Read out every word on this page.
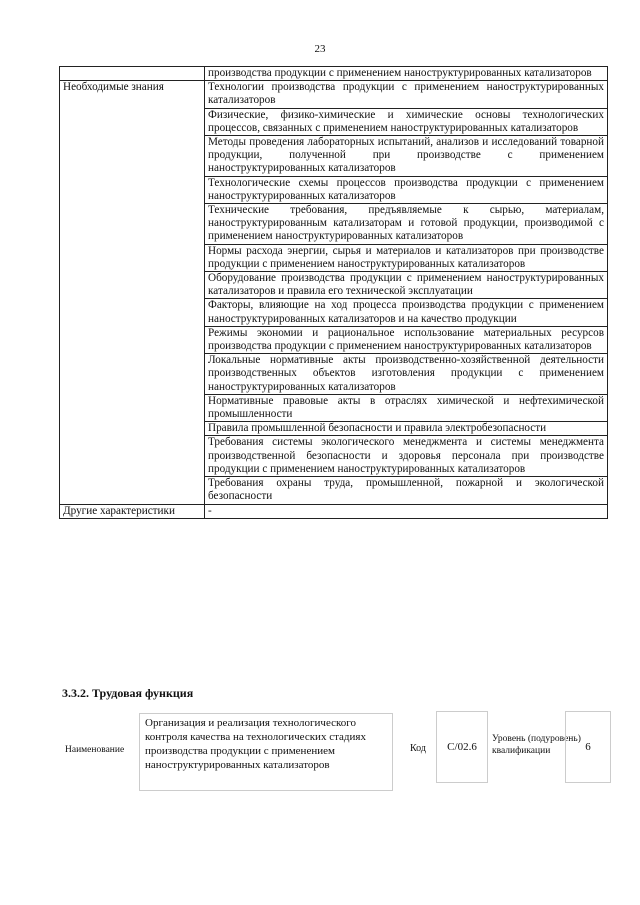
23
	производства продукции с применением наноструктурированных катализаторов
Необходимые знания	Технологии производства продукции с применением наноструктурированных катализаторов
	Физические, физико-химические и химические основы технологических процессов, связанных с применением наноструктурированных катализаторов
	Методы проведения лабораторных испытаний, анализов и исследований товарной продукции, полученной при производстве с применением наноструктурированных катализаторов
	Технологические схемы процессов производства продукции с применением наноструктурированных катализаторов
	Технические требования, предъявляемые к сырью, материалам, наноструктурированным катализаторам и готовой продукции, производимой с применением наноструктурированных катализаторов
	Нормы расхода энергии, сырья и материалов и катализаторов при производстве продукции с применением наноструктурированных катализаторов
	Оборудование производства продукции с применением наноструктурированных катализаторов и правила его технической эксплуатации
	Факторы, влияющие на ход процесса производства продукции с применением наноструктурированных катализаторов и на качество продукции
	Режимы экономии и рациональное использование материальных ресурсов производства продукции с применением наноструктурированных катализаторов
	Локальные нормативные акты производственно-хозяйственной деятельности производственных объектов изготовления продукции с применением наноструктурированных катализаторов
	Нормативные правовые акты в отраслях химической и нефтехимической промышленности
	Правила промышленной безопасности и правила электробезопасности
	Требования системы экологического менеджмента и системы менеджмента производственной безопасности и здоровья персонала при производстве продукции с применением наноструктурированных катализаторов
	Требования охраны труда, промышленной, пожарной и экологической безопасности
Другие характеристики	-
3.3.2. Трудовая функция
Наименование
Организация и реализация технологического контроля качества на технологических стадиях производства продукции с применением наноструктурированных катализаторов
Код	C/02.6
Уровень (подуровень) квалификации	6
